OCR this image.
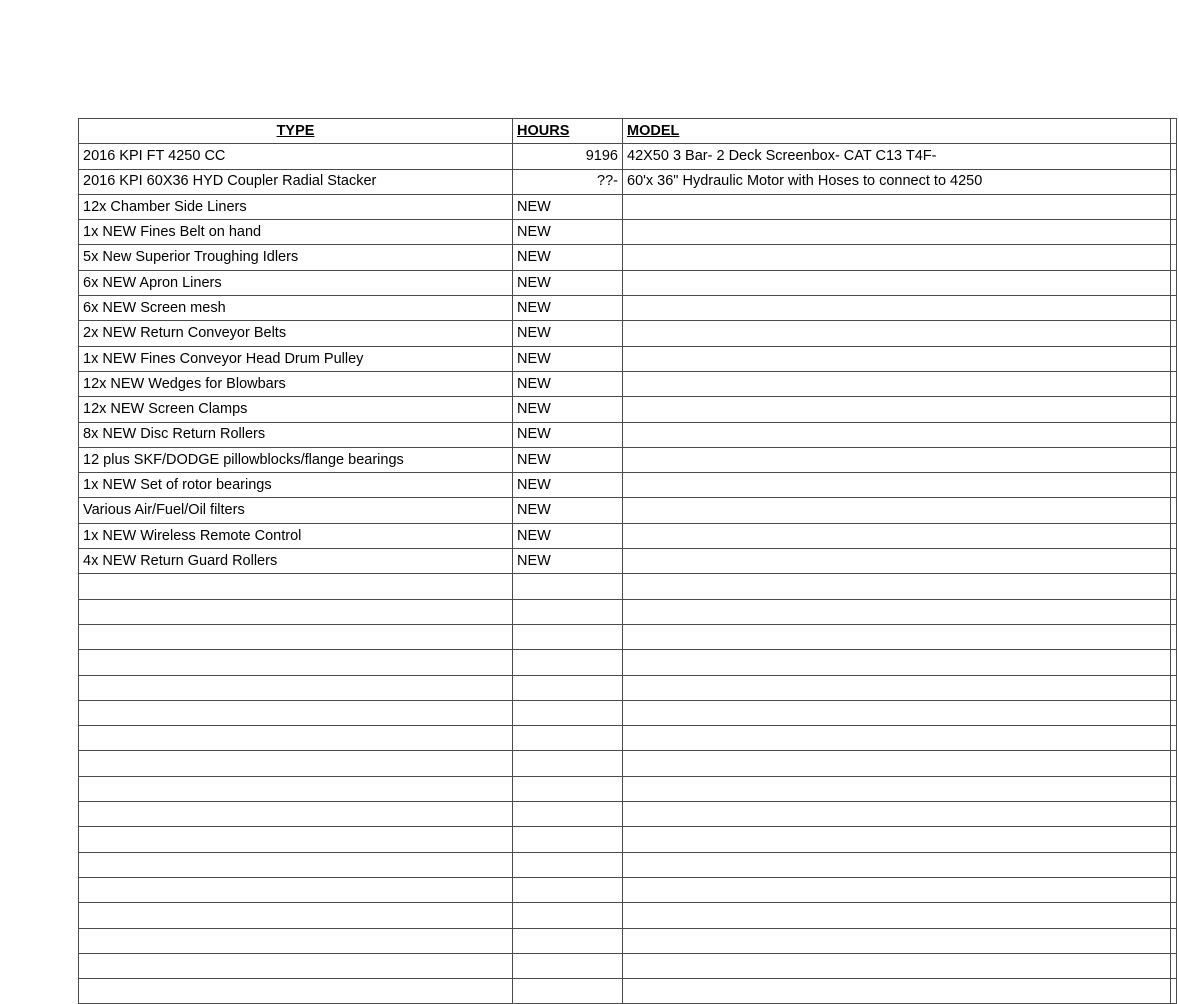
TYPE	HOURS	MODEL	
2016 KPI FT 4250 CC	9196	42X50 3 Bar- 2 Deck Screenbox- CAT C13 T4F-	
2016 KPI 60X36 HYD Coupler Radial Stacker	??-	60'x 36" Hydraulic Motor with Hoses to connect to 4250	
12x Chamber Side Liners	NEW		
1x NEW Fines Belt on hand	NEW		
5x New Superior Troughing Idlers	NEW		
6x NEW Apron Liners	NEW		
6x NEW Screen mesh	NEW		
2x NEW Return Conveyor Belts	NEW		
1x NEW Fines Conveyor Head Drum Pulley	NEW		
12x NEW Wedges for Blowbars	NEW		
12x NEW Screen Clamps	NEW		
8x NEW Disc Return Rollers	NEW		
12 plus SKF/DODGE pillowblocks/flange bearings	NEW		
1x NEW Set of rotor bearings	NEW		
Various Air/Fuel/Oil filters	NEW		
1x NEW Wireless Remote Control	NEW		
4x NEW Return Guard Rollers	NEW		
